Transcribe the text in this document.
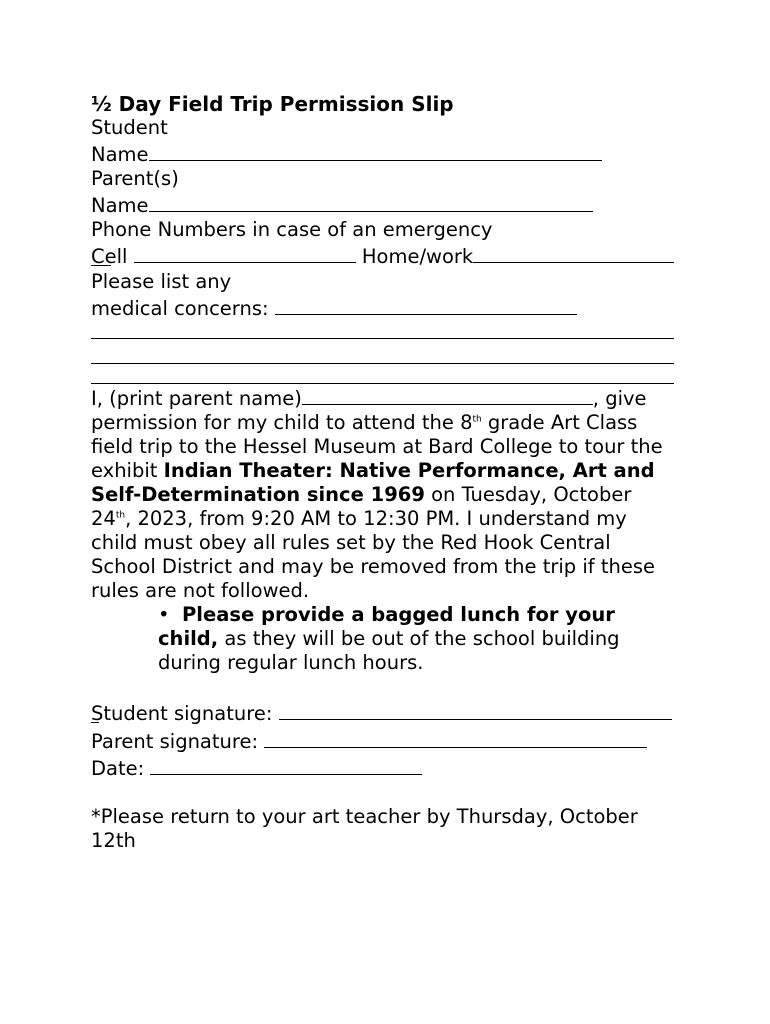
½ Day Field Trip Permission Slip
Student
Name
Parent(s)
Name
Phone Numbers in case of an emergency
Cell	Home/work
Please list any
medical concerns:
I, (print parent name)	, give
permission for my child to attend the 8th grade Art Class
field trip to the Hessel Museum at Bard College to tour the
exhibit Indian Theater: Native Performance, Art and
Self-Determination since 1969 on Tuesday, October
24th, 2023, from 9:20 AM to 12:30 PM. I understand my
child must obey all rules set by the Red Hook Central
School District and may be removed from the trip if these
rules are not followed.
• Please provide a bagged lunch for your
child, as they will be out of the school building
during regular lunch hours.
Student signature:
Parent signature:
Date:
*Please return to your art teacher by Thursday, October
12th
